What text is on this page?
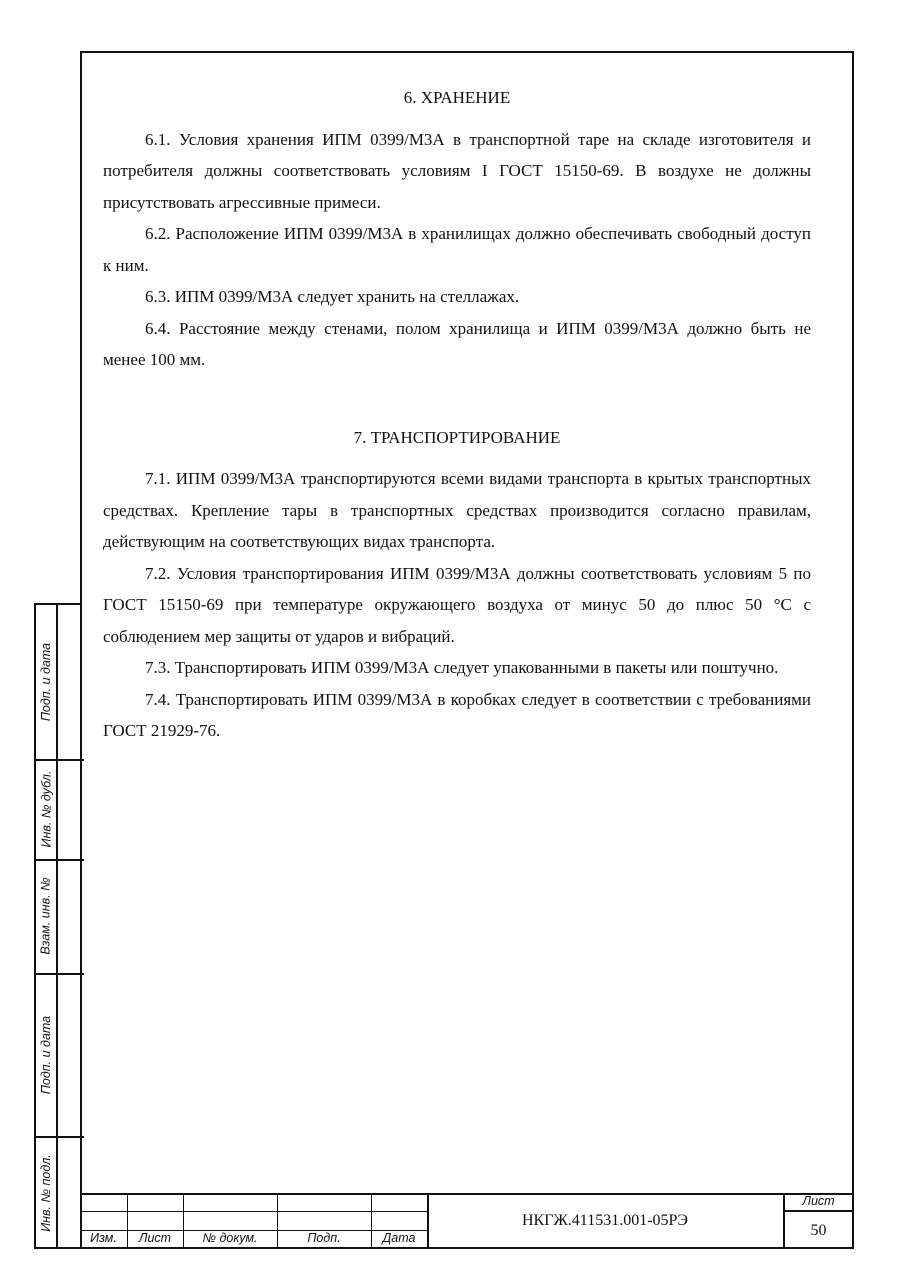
6. ХРАНЕНИЕ

6.1. Условия хранения ИПМ 0399/М3А в транспортной таре на складе изготовителя и потребителя должны соответствовать условиям I ГОСТ 15150-69. В воздухе не должны присутствовать агрессивные примеси.

6.2. Расположение ИПМ 0399/М3А в хранилищах должно обеспечивать свободный доступ к ним.

6.3. ИПМ 0399/М3А следует хранить на стеллажах.

6.4. Расстояние между стенами, полом хранилища и ИПМ 0399/М3А должно быть не менее 100 мм.

7. ТРАНСПОРТИРОВАНИЕ

7.1. ИПМ 0399/М3А транспортируются всеми видами транспорта в крытых транспортных средствах. Крепление тары в транспортных средствах производится согласно правилам, действующим на соответствующих видах транспорта.

7.2. Условия транспортирования ИПМ 0399/М3А должны соответствовать условиям 5 по ГОСТ 15150-69 при температуре окружающего воздуха от минус 50 до плюс 50 °С с соблюдением мер защиты от ударов и вибраций.

7.3. Транспортировать ИПМ 0399/М3А следует упакованными в пакеты или поштучно.

7.4. Транспортировать ИПМ 0399/М3А в коробках следует в соответствии с требованиями ГОСТ 21929-76.

Подп. и дата
Инв. № дубл.
Взам. инв. №
Подп. и дата
Инв. № подл.
Изм.	Лист	№ докум.	Подп.	Дата
НКГЖ.411531.001-05РЭ
Лист
50
